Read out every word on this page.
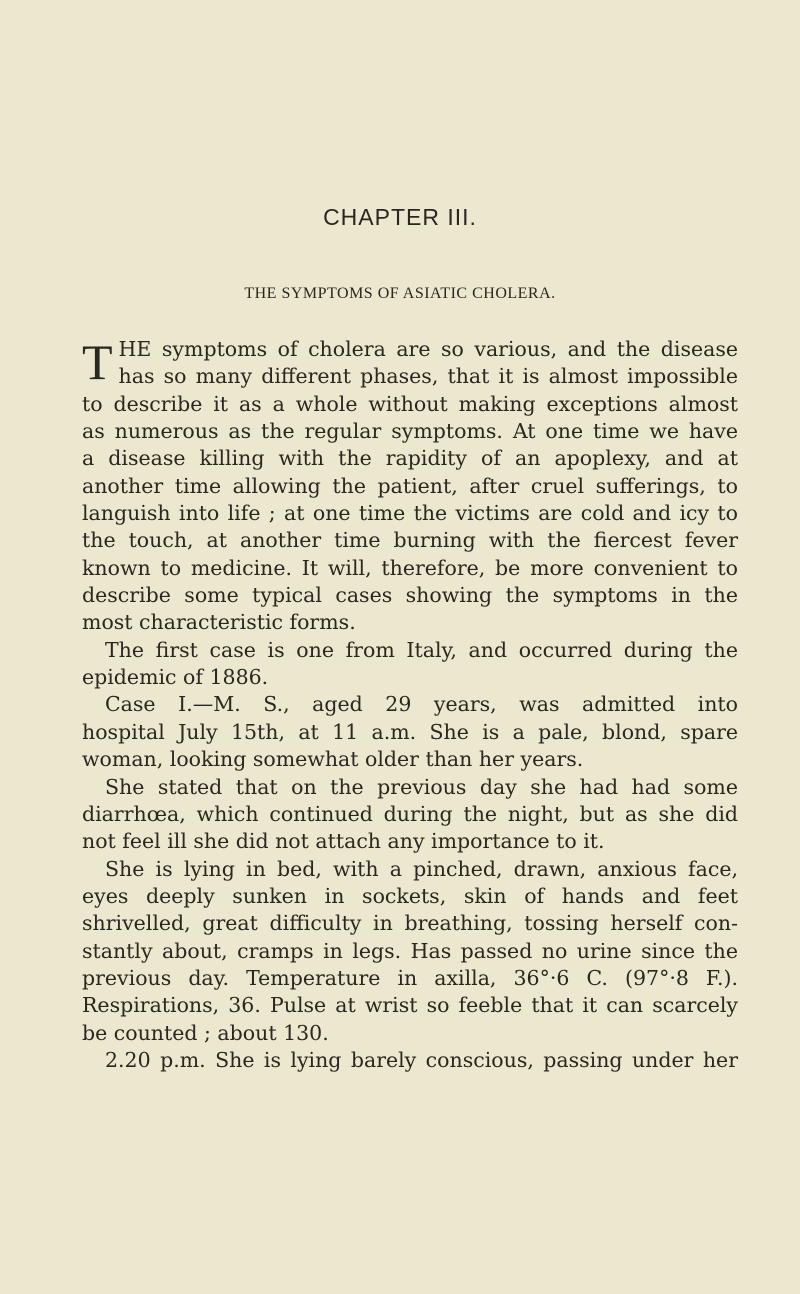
CHAPTER III.
THE SYMPTOMS OF ASIATIC CHOLERA.
T HE symptoms of cholera are so various, and the disease
has so many different phases, that it is almost impossible
to describe it as a whole without making exceptions almost
as numerous as the regular symptoms. At one time we have
a disease killing with the rapidity of an apoplexy, and at
another time allowing the patient, after cruel sufferings, to
languish into life ; at one time the victims are cold and icy to
the touch, at another time burning with the fiercest fever
known to medicine. It will, therefore, be more convenient to
describe some typical cases showing the symptoms in the
most characteristic forms.
The first case is one from Italy, and occurred during the
epidemic of 1886.
Case I.—M. S., aged 29 years, was admitted into
hospital July 15th, at 11 a.m. She is a pale, blond, spare
woman, looking somewhat older than her years.
She stated that on the previous day she had had some
diarrhœa, which continued during the night, but as she did
not feel ill she did not attach any importance to it.
She is lying in bed, with a pinched, drawn, anxious face,
eyes deeply sunken in sockets, skin of hands and feet
shrivelled, great difficulty in breathing, tossing herself con-
stantly about, cramps in legs. Has passed no urine since the
previous day. Temperature in axilla, 36°·6 C. (97°·8 F.).
Respirations, 36. Pulse at wrist so feeble that it can scarcely
be counted ; about 130.
2.20 p.m. She is lying barely conscious, passing under her
